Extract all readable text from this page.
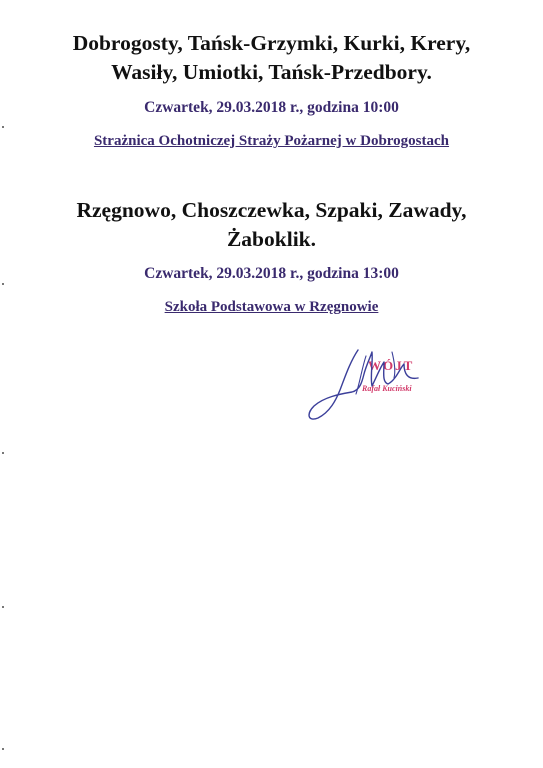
Dobrogosty, Tańsk-Grzymki, Kurki, Krery,
Wasiły, Umiotki, Tańsk-Przedbory.
Czwartek, 29.03.2018 r., godzina 10:00
Strażnica Ochotniczej Straży Pożarnej w Dobrogostach
Rzęgnowo, Choszczewka, Szpaki, Zawady,
Żaboklik.
Czwartek, 29.03.2018 r., godzina 13:00
Szkoła Podstawowa w Rzęgnowie
WÓJT
Rafał Kuciński
